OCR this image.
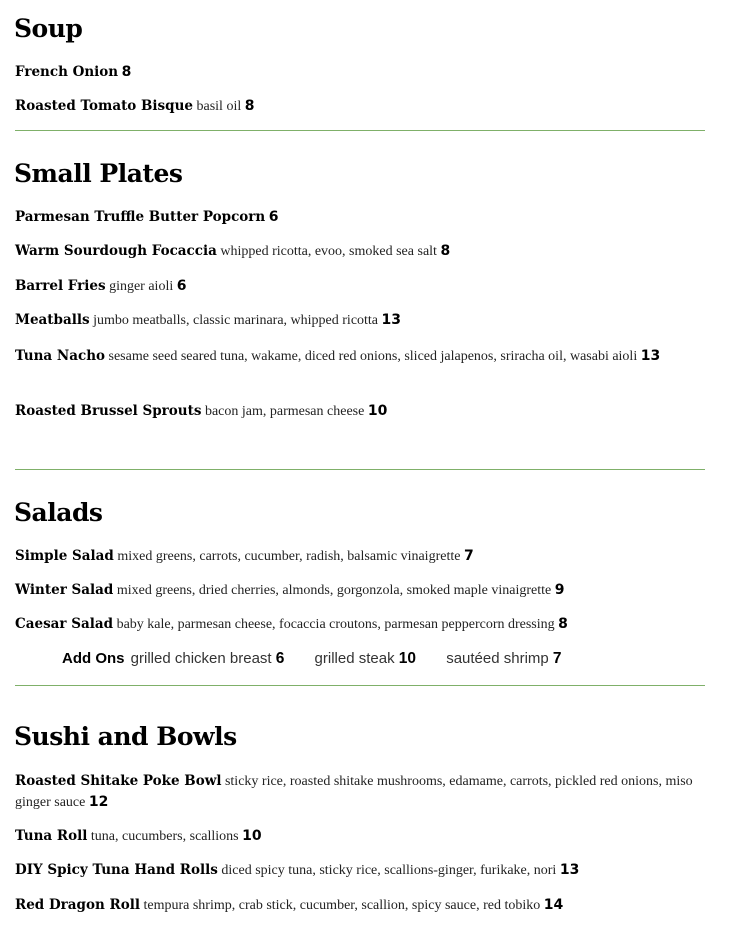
Soup
French Onion 8
Roasted Tomato Bisque basil oil 8
Small Plates
Parmesan Truffle Butter Popcorn 6
Warm Sourdough Focaccia whipped ricotta, evoo, smoked sea salt 8
Barrel Fries ginger aioli 6
Meatballs jumbo meatballs, classic marinara, whipped ricotta 13
Tuna Nacho sesame seed seared tuna, wakame, diced red onions, sliced jalapenos, sriracha oil, wasabi aioli 13
Roasted Brussel Sprouts bacon jam, parmesan cheese 10
Salads
Simple Salad mixed greens, carrots, cucumber, radish, balsamic vinaigrette 7
Winter Salad mixed greens, dried cherries, almonds, gorgonzola, smoked maple vinaigrette 9
Caesar Salad baby kale, parmesan cheese, focaccia croutons, parmesan peppercorn dressing 8
Add Ons grilled chicken breast 6 grilled steak 10 sautéed shrimp 7
Sushi and Bowls
Roasted Shitake Poke Bowl sticky rice, roasted shitake mushrooms, edamame, carrots, pickled red onions, miso ginger sauce 12
Tuna Roll tuna, cucumbers, scallions 10
DIY Spicy Tuna Hand Rolls diced spicy tuna, sticky rice, scallions-ginger, furikake, nori 13
Red Dragon Roll tempura shrimp, crab stick, cucumber, scallion, spicy sauce, red tobiko 14
